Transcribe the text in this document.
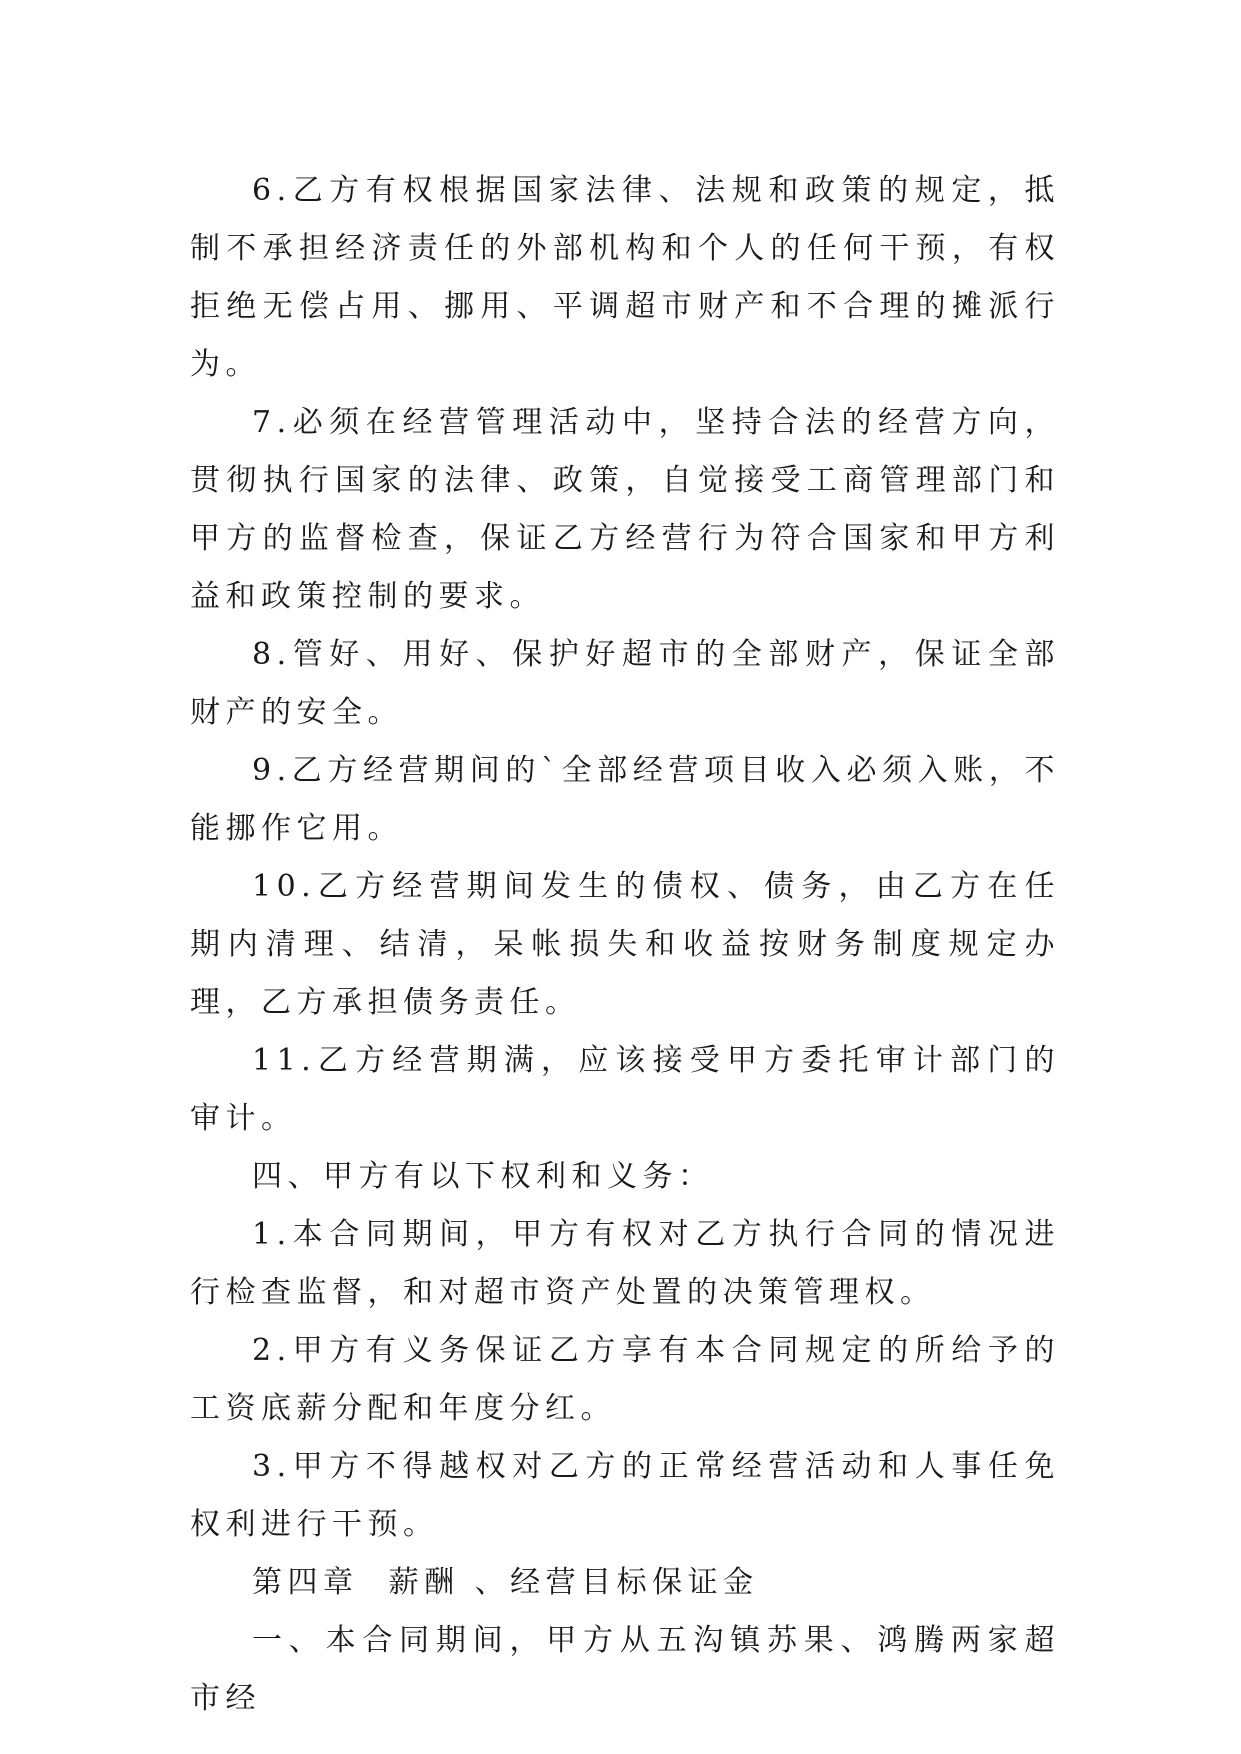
6.乙方有权根据国家法律、法规和政策的规定，抵制不承担经济责任的外部机构和个人的任何干预，有权拒绝无偿占用、挪用、平调超市财产和不合理的摊派行为。

7.必须在经营管理活动中，坚持合法的经营方向，贯彻执行国家的法律、政策，自觉接受工商管理部门和甲方的监督检查，保证乙方经营行为符合国家和甲方利益和政策控制的要求。

8.管好、用好、保护好超市的全部财产，保证全部财产的安全。

9.乙方经营期间的`全部经营项目收入必须入账，不能挪作它用。

10.乙方经营期间发生的债权、债务，由乙方在任期内清理、结清，呆帐损失和收益按财务制度规定办理，乙方承担债务责任。

11.乙方经营期满，应该接受甲方委托审计部门的审计。

四、甲方有以下权利和义务：

1.本合同期间，甲方有权对乙方执行合同的情况进行检查监督，和对超市资产处置的决策管理权。

2.甲方有义务保证乙方享有本合同规定的所给予的工资底薪分配和年度分红。

3.甲方不得越权对乙方的正常经营活动和人事任免权利进行干预。

第四章  薪酬 、经营目标保证金

一、本合同期间，甲方从五沟镇苏果、鸿腾两家超市经
